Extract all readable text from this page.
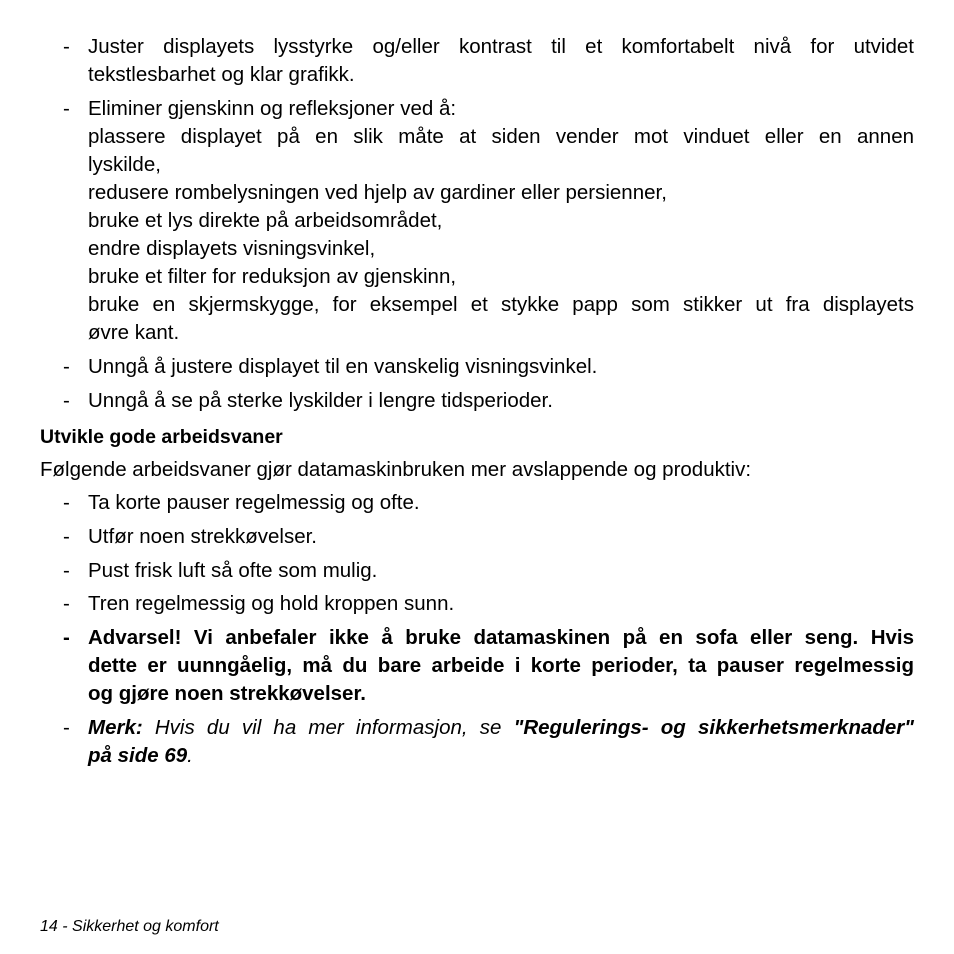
- Juster displayets lysstyrke og/eller kontrast til et komfortabelt nivå for utvidet
tekstlesbarhet og klar grafikk.
- Eliminer gjenskinn og refleksjoner ved å:
plassere displayet på en slik måte at siden vender mot vinduet eller en annen
lyskilde,
redusere rombelysningen ved hjelp av gardiner eller persienner,
bruke et lys direkte på arbeidsområdet,
endre displayets visningsvinkel,
bruke et filter for reduksjon av gjenskinn,
bruke en skjermskygge, for eksempel et stykke papp som stikker ut fra displayets
øvre kant.
- Unngå å justere displayet til en vanskelig visningsvinkel.
- Unngå å se på sterke lyskilder i lengre tidsperioder.
Utvikle gode arbeidsvaner
Følgende arbeidsvaner gjør datamaskinbruken mer avslappende og produktiv:
- Ta korte pauser regelmessig og ofte.
- Utfør noen strekkøvelser.
- Pust frisk luft så ofte som mulig.
- Tren regelmessig og hold kroppen sunn.
- Advarsel! Vi anbefaler ikke å bruke datamaskinen på en sofa eller seng. Hvis
dette er uunngåelig, må du bare arbeide i korte perioder, ta pauser regelmessig
og gjøre noen strekkøvelser.
- Merk: Hvis du vil ha mer informasjon, se "Regulerings- og sikkerhetsmerknader"
på side 69.
14 - Sikkerhet og komfort
